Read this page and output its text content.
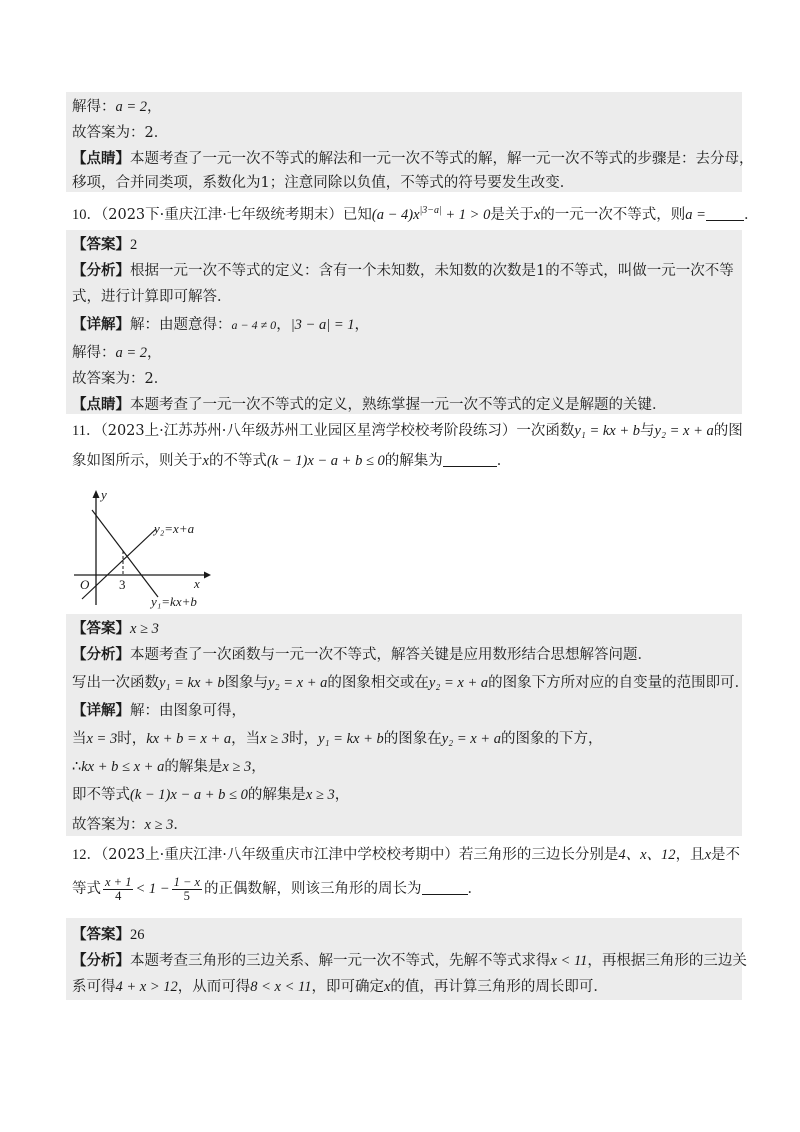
解得：a = 2，
故答案为：2．
【点睛】本题考查了一元一次不等式的解法和一元一次不等式的解，解一元一次不等式的步骤是：去分母，
移项，合并同类项，系数化为1；注意同除以负值，不等式的符号要发生改变．
10．（2023下·重庆江津·七年级统考期末）已知$(a - 4)x^{|3-a|} + 1 > 0$是关于x的一元一次不等式，则a =	．
【答案】2
【分析】根据一元一次不等式的定义：含有一个未知数，未知数的次数是1的不等式，叫做一元一次不等
式，进行计算即可解答．
【详解】解：由题意得：a − 4 ≠ 0，|3 − a| = 1，
解得：a = 2，
故答案为：2．
【点睛】本题考查了一元一次不等式的定义，熟练掌握一元一次不等式的定义是解题的关键．
11．（2023上·江苏苏州·八年级苏州工业园区星湾学校校考阶段练习）一次函数y₁ = kx + b与y₂ = x + a的图
象如图所示，则关于x的不等式(k − 1)x − a + b ≤ 0的解集为	．
y
x
O 3
y₂=x+a
y₁=kx+b
【答案】x ≥ 3
【分析】本题考查了一次函数与一元一次不等式，解答关键是应用数形结合思想解答问题．
写出一次函数y₁ = kx + b图象与y₂ = x + a的图象相交或在y₂ = x + a的图象下方所对应的自变量的范围即可．
【详解】解：由图象可得，
当x = 3时，kx + b = x + a，当x ≥ 3时，y₁ = kx + b的图象在y₂ = x + a的图象的下方，
∴kx + b ≤ x + a的解集是x ≥ 3，
即不等式(k − 1)x − a + b ≤ 0的解集是x ≥ 3，
故答案为：x ≥ 3．
12．（2023上·重庆江津·八年级重庆市江津中学校校考期中）若三角形的三边长分别是4、x、12，且x是不
等式 $\frac{x + 1}{4} < 1 - \frac{1 - x}{5}$ 的正偶数解，则该三角形的周长为	．
【答案】26
【分析】本题考查三角形的三边关系、解一元一次不等式，先解不等式求得x < 11，再根据三角形的三边关
系可得4 + x > 12，从而可得8 < x < 11，即可确定x的值，再计算三角形的周长即可．
